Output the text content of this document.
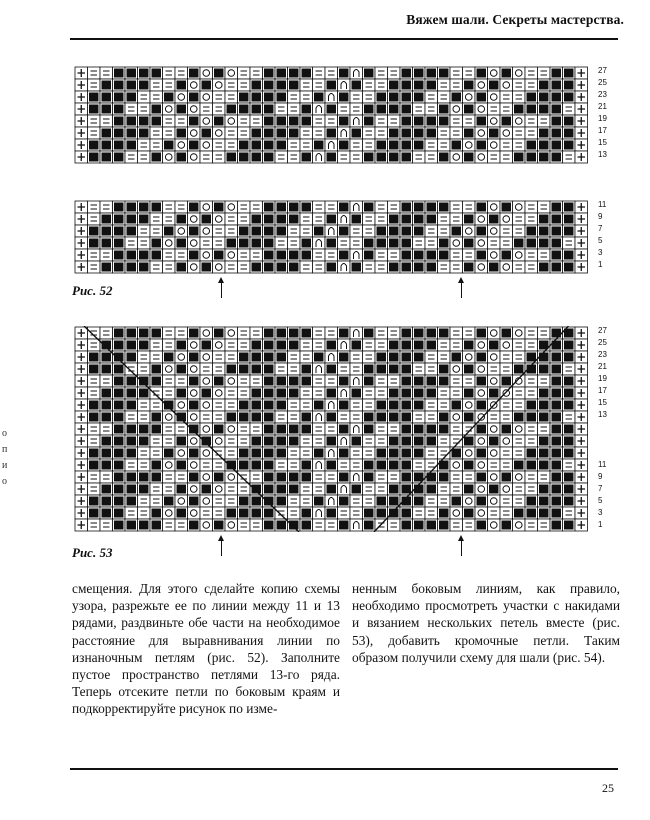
Вяжем шали. Секреты мастерства.
27
25
23
21
19
17
15
13
11
9
7
5
3
1
Рис. 52
27
25
23
21
19
17
15
13
11
9
7
5
3
1
Рис. 53
о
п
и
о

смещения. Для этого сделайте копию схемы узора, разрежьте ее по линии между 11 и 13 рядами, раздвиньте обе части на необходимое расстояние для выравнивания линии по изнаночным петлям (рис. 52). Заполните пустое пространство петлями 13-го ряда. Теперь отсеките петли по боковым краям и подкорректируйте рисунок по изме-

ненным боковым линиям, как правило, необходимо просмотреть участки с накидами и вязанием нескольких петель вместе (рис. 53), добавить кромочные петли. Таким образом получили схему для шали (рис. 54).

25
